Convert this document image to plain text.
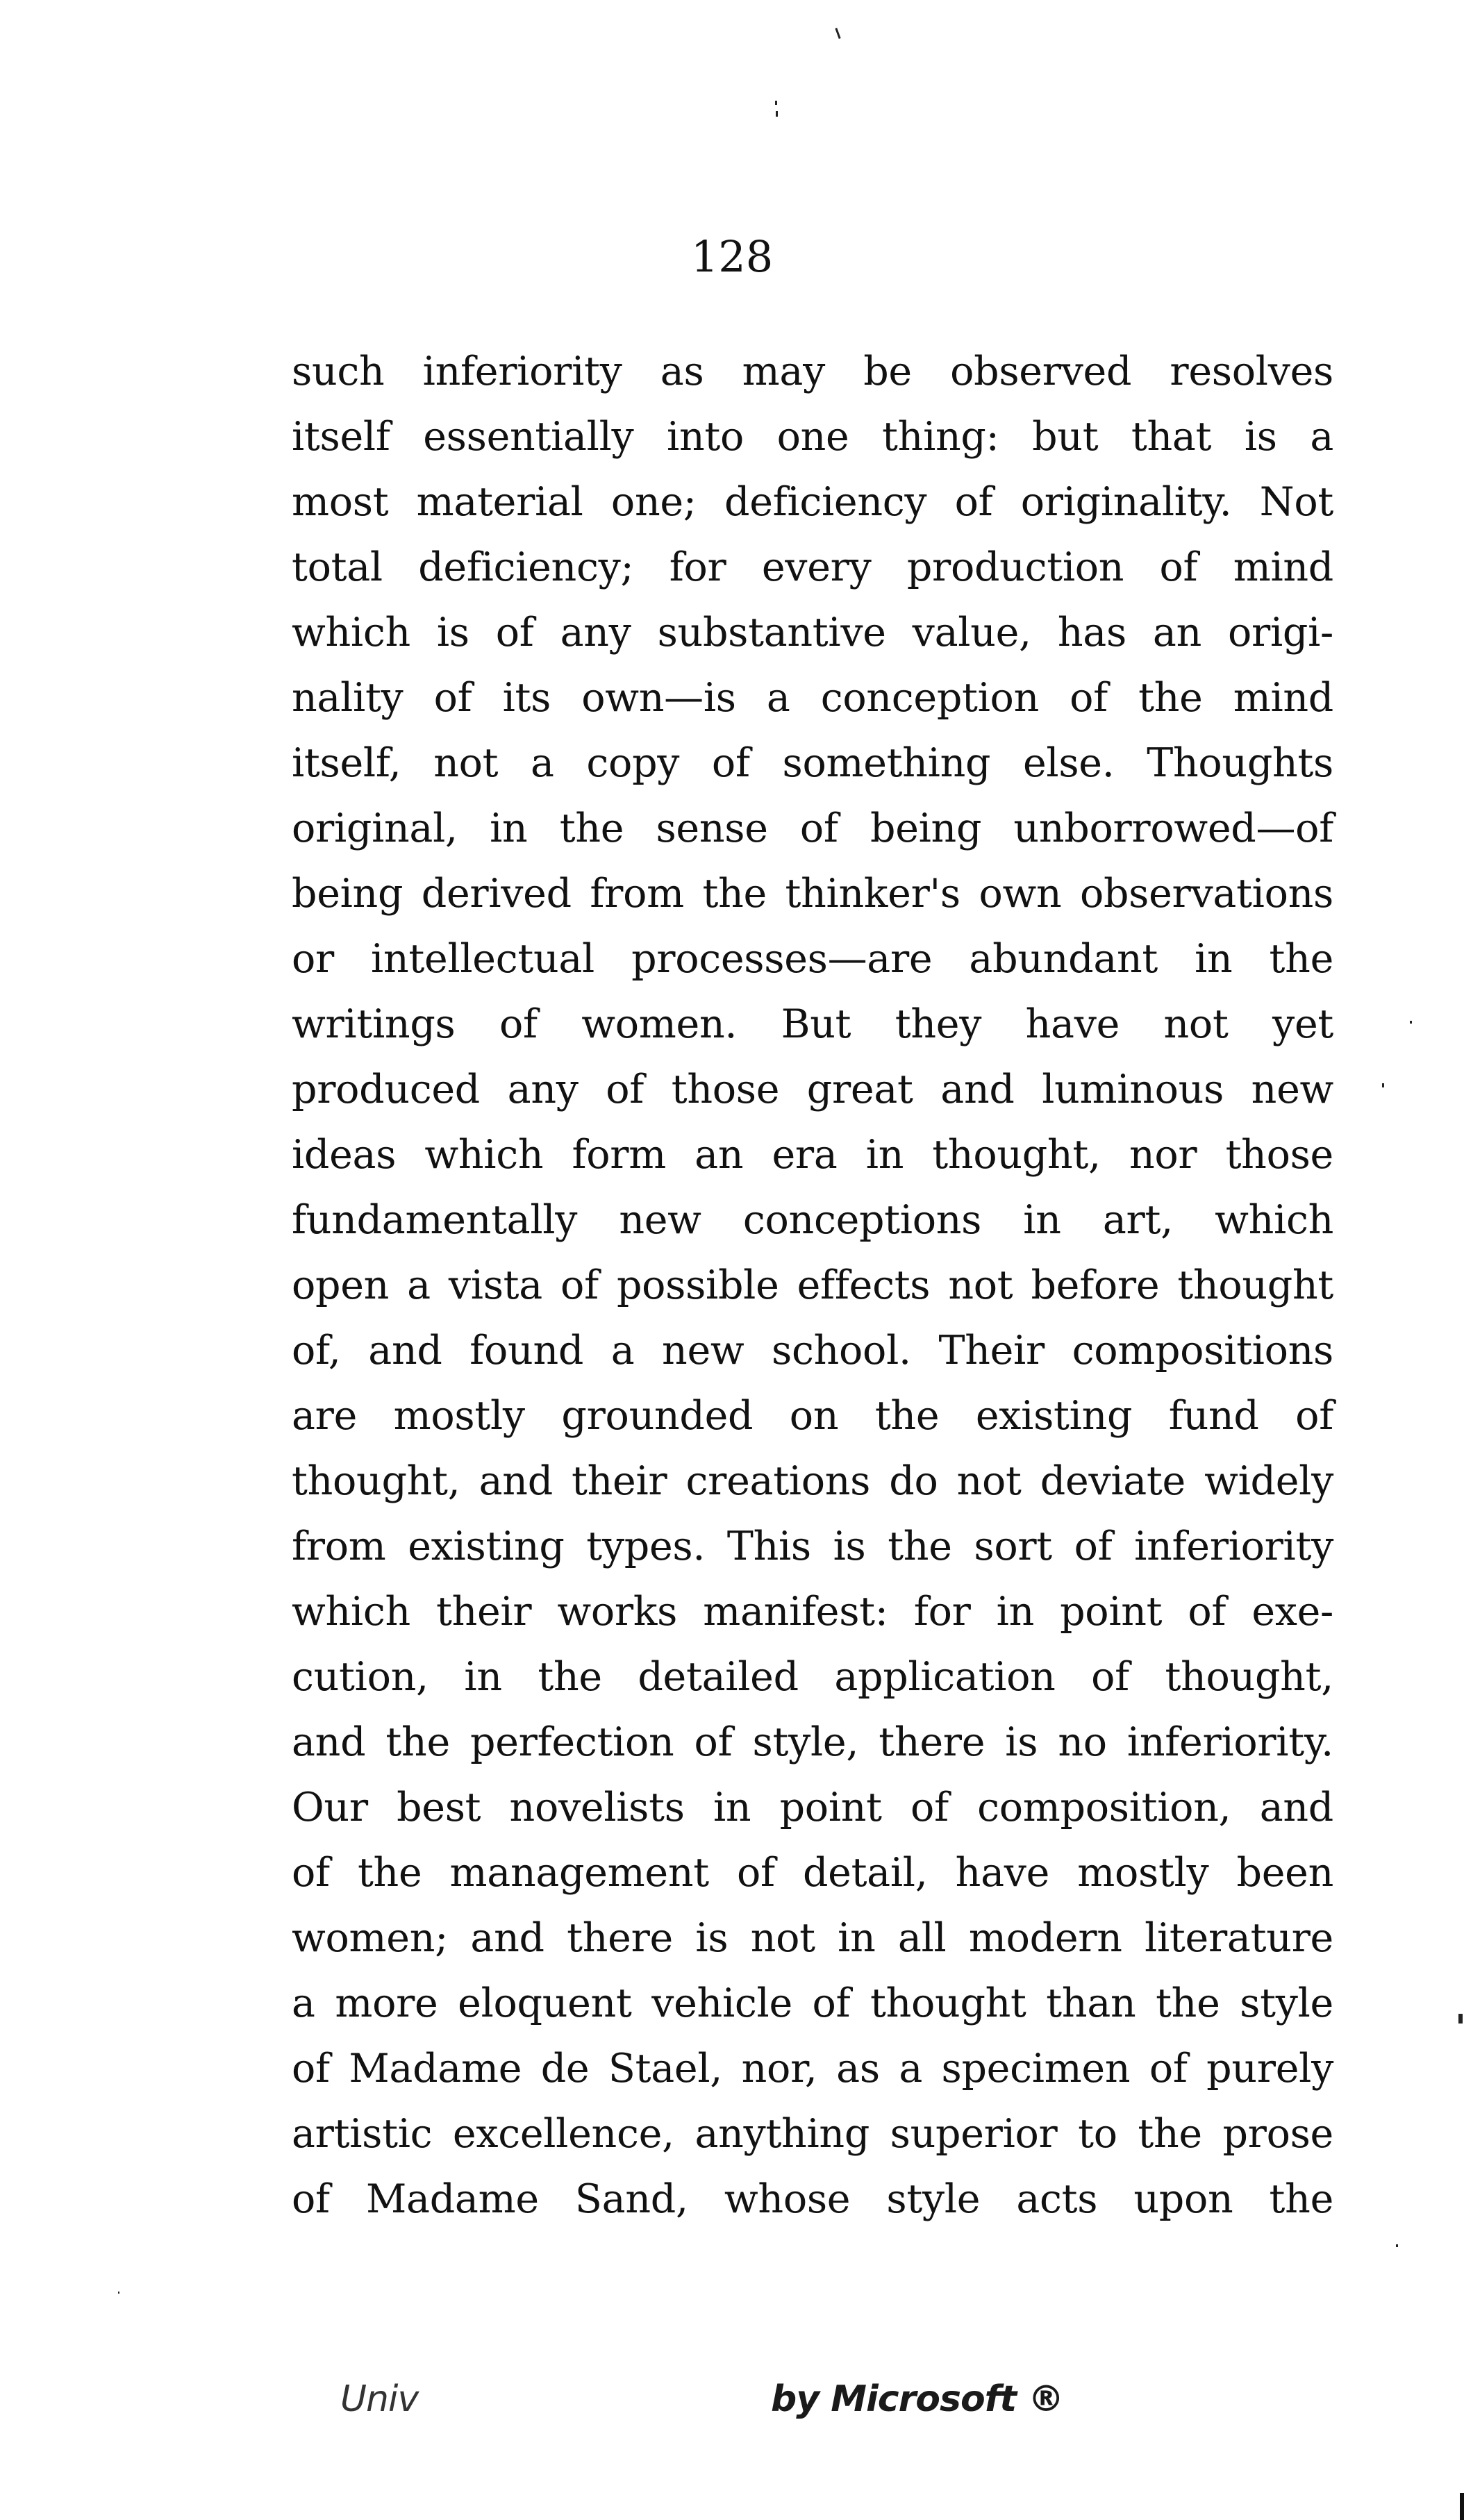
128
such inferiority as may be observed resolves
itself essentially into one thing: but that is a
most material one; deficiency of originality. Not
total deficiency; for every production of mind
which is of any substantive value, has an origi-
nality of its own—is a conception of the mind
itself, not a copy of something else. Thoughts
original, in the sense of being unborrowed—of
being derived from the thinker's own observations
or intellectual processes—are abundant in the
writings of women. But they have not yet
produced any of those great and luminous new
ideas which form an era in thought, nor those
fundamentally new conceptions in art, which
open a vista of possible effects not before thought
of, and found a new school. Their compositions
are mostly grounded on the existing fund of
thought, and their creations do not deviate widely
from existing types. This is the sort of inferiority
which their works manifest: for in point of exe-
cution, in the detailed application of thought,
and the perfection of style, there is no inferiority.
Our best novelists in point of composition, and
of the management of detail, have mostly been
women; and there is not in all modern literature
a more eloquent vehicle of thought than the style
of Madame de Stael, nor, as a specimen of purely
artistic excellence, anything superior to the prose
of Madame Sand, whose style acts upon the
Univ	by Microsoft ®
